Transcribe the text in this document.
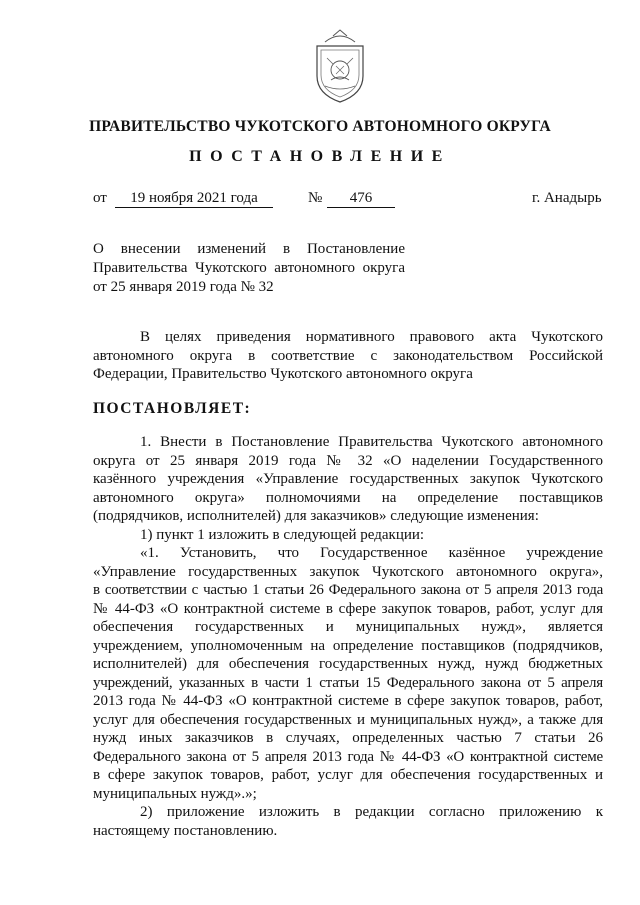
ПРАВИТЕЛЬСТВО ЧУКОТСКОГО АВТОНОМНОГО ОКРУГА
ПОСТАНОВЛЕНИЕ
от	19 ноября 2021 года	№	476	г. Анадырь
О внесении изменений в Постановление
Правительства Чукотского автономного округа
от 25 января 2019 года № 32
В целях приведения нормативного правового акта Чукотского
автономного округа в соответствие с законодательством Российской
Федерации, Правительство Чукотского автономного округа
ПОСТАНОВЛЯЕТ:
1. Внести в Постановление Правительства Чукотского автономного
округа от 25 января 2019 года № 32 «О наделении Государственного
казённого учреждения «Управление государственных закупок Чукотского
автономного округа» полномочиями на определение поставщиков
(подрядчиков, исполнителей) для заказчиков» следующие изменения:
1) пункт 1 изложить в следующей редакции:
«1. Установить, что Государственное казённое учреждение
«Управление государственных закупок Чукотского автономного округа»,
в соответствии с частью 1 статьи 26 Федерального закона от 5 апреля 2013 года
№ 44-ФЗ «О контрактной системе в сфере закупок товаров, работ, услуг для
обеспечения государственных и муниципальных нужд», является
учреждением, уполномоченным на определение поставщиков (подрядчиков,
исполнителей) для обеспечения государственных нужд, нужд бюджетных
учреждений, указанных в части 1 статьи 15 Федерального закона от 5 апреля
2013 года № 44-ФЗ «О контрактной системе в сфере закупок товаров, работ,
услуг для обеспечения государственных и муниципальных нужд», а также для
нужд иных заказчиков в случаях, определенных частью 7 статьи 26
Федерального закона от 5 апреля 2013 года № 44-ФЗ «О контрактной системе
в сфере закупок товаров, работ, услуг для обеспечения государственных и
муниципальных нужд».»;
2) приложение изложить в редакции согласно приложению к
настоящему постановлению.
